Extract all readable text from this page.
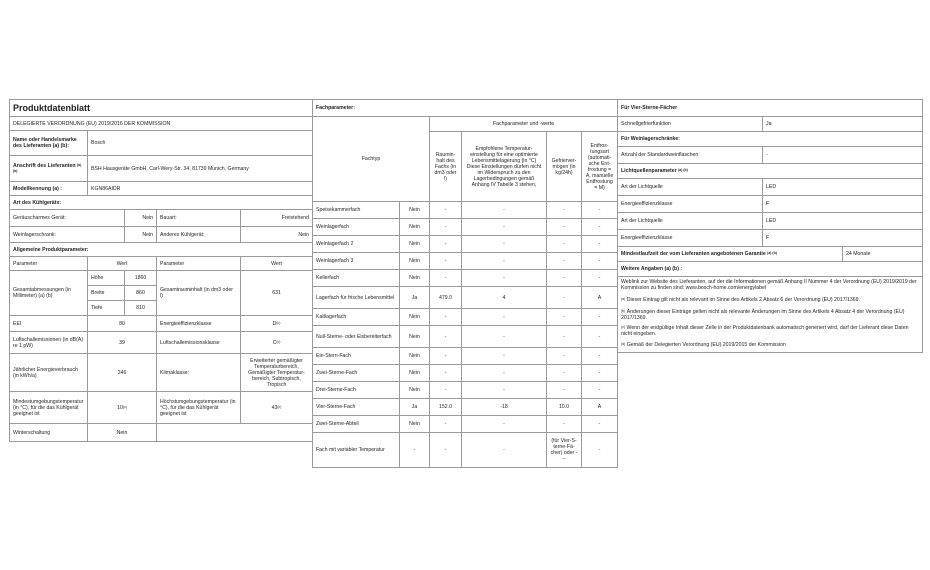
Produktdatenblatt				
DELEGIERTE VERORDNUNG (EU) 2019/2016 DER KOMMISSION				
Name oder Handelsmarke des Lieferanten (a) (b):	Bosch			
Anschrift des Lieferanten $^{(a) (b)}$	BSH Hausgeräte GmbH, Carl-Wery-Str. 34, 81739 Munich, Germany			
Modellkennung (a) :	KGN86AIDR			
Art des Kühlgeräts:				
Geräuscharmes Gerät:		Nein	Bauart:	Freistehend
Weinlagerschrank:		Nein	Anderes Kühlgerät:	Nein
Allgemeine Produktparameter:				
Parameter	Wert		Parameter	Wert
Gesamtabmessungen (in Millimeter) (a) (b)	Höhe	1860	Gesamtrauminhalt (in dm3 oder l)	631
	Breite	860		
	Tiefe	810		
EEI	80		Energieeffizienzklasse	$D^{(c)}$
Luftschallemissionen (in dB(A) re 1 pW)	39		Luftschallemissionsklasse	$C^{(c)}$
Jährlicher Energieverbrauch (in kWh/a)	246		Klimaklasse:	Erweiterter gemäßigter Temperaturbereich, Gemäßigter Temperaturbereich, Subtropisch, Tropisch
Mindestumgebungstemperatur (in °C), für die das Kühlgerät geeignet ist	10$^{(c)}$		Höchstumgebungstemperatur (in °C), für die das Kühlgerät geeignet ist	43$^{(c)}$
Winterschaltung	Nein			

Fachparameter:					
Fachtyp		Fachparameter und -werte			
		Rauminhalt des Fachs (in dm3 oder l)	Empfohlene Temperatur-einstellung für eine optimierte Lebensmittelagerung (in °C) Diese Einstellungen dürfen nicht im Widerspruch zu den Lagerbedingungen gemäß Anhang IV Tabelle 3 stehen,	Gefriervermögen (in kg/24h)	Entfrostungsart (automatische Entfrostung = A, manuelle Entfrostung = M)
Speisekammerfach	Nein	-	-	-	-
Weinlagerfach	Nein	-	-	-	-
Weinlagerfach 2	Nein	-	-	-	-
Weinlagerfach 3	Nein	-	-	-	-
Kellerfach	Nein	-	-	-	-
Lagerfach für frische Lebensmittel	Ja	479.0	4	-	A
Kaltlagerfach	Nein	-	-	-	-
Null-Sterne- oder Eisbereiterfach	Nein	-	-	-	-
Ein-Stern-Fach	Nein	-	-	-	-
Zwei-Sterne-Fach	Nein	-	-	-	-
Drei-Sterne-Fach	Nein	-	-	-	-
Vier-Sterne-Fach	Ja	152.0	-18	10.0	A
Zwei-Sterne-Abteil	Nein	-	-	-	-
Fach mit variabler Temperatur	-	-	-	(für Vier-Sterne-Fächer) oder ---	-
Für Vier-Sterne-Fächer		
Schnellgefrierfunktion	Ja	
Für Weinlagerschränke:		
Anzahl der Standardweinflaschen	-	
Lichtquellenparameter $^{(a) (b)}$
Art der Lichtquelle	LED	
Energieeffizienzklasse	F	
Art der Lichtquelle	LED	
Energieeffizienzklasse	F	
Mindestlaufzeit der vom Lieferanten angebotenen Garantie $^{(a) (b)}$		24 Monate
Weitere Angaben (a) (b) :		
Weblink zur Website des Lieferanten, auf der die Informationen gemäß Anhang II Nummer 4 der Verordnung (EU) 2019/2019 der Kommission zu finden sind: www.bosch-home.com/energylabel		
$^{(a)}$ Dieser Eintrag gilt nicht als relevant im Sinne des Artikels 2 Absatz 6 der Verordnung (EU) 2017/1369.		
$^{(b)}$ Änderungen dieser Einträge gelten nicht als relevante Änderungen im Sinne des Artikels 4 Absatz 4 der Verordnung (EU) 2017/1369.		
$^{(c)}$ Wenn der endgültige Inhalt dieser Zelle in der Produktdatenbank automatisch generiert wird, darf der Lieferant diese Daten nicht eingeben.		
$^{(d)}$ Gemäß der Delegierten Verordnung (EU) 2019/2015 der Kommission		
